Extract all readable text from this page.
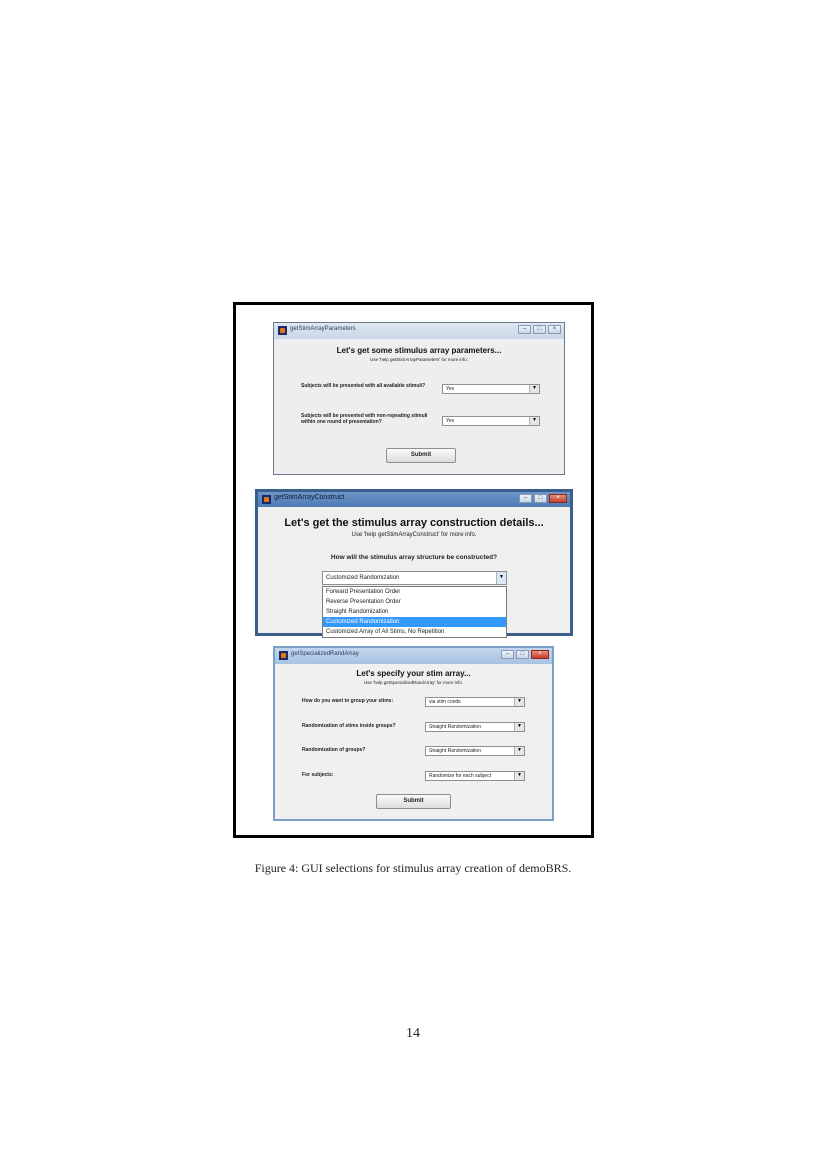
getStimArrayParameters	–	□	×
Let's get some stimulus array parameters...
Use 'help getStimArrayParameters' for more info.
Subjects will be presented with all available stimuli?	Yes	▼
Subjects will be presented with non-repeating stimuli within one round of presentation?	Yes	▼
Submit
getStimArrayConstruct	–	□	×
Let's get the stimulus array construction details...
Use 'help getStimArrayConstruct' for more info.
How will the stimulus array structure be constructed?
Customized Randomization	▼
Forward Presentation Order
Reverse Presentation Order
Straight Randomization
Customized Randomization
Customized Array of All Stims, No Repetition
getSpecializedRandArray	–	□	×
Let's specify your stim array...
Use 'help getSpecializedRandArray' for more info.
How do you want to group your stims:	via stim conds	▼
Randomization of stims inside groups?	Straight Randomization	▼
Randomization of groups?	Straight Randomization	▼
For subjects:	Randomize for each subject	▼
Submit
Figure 4: GUI selections for stimulus array creation of demoBRS.
14
